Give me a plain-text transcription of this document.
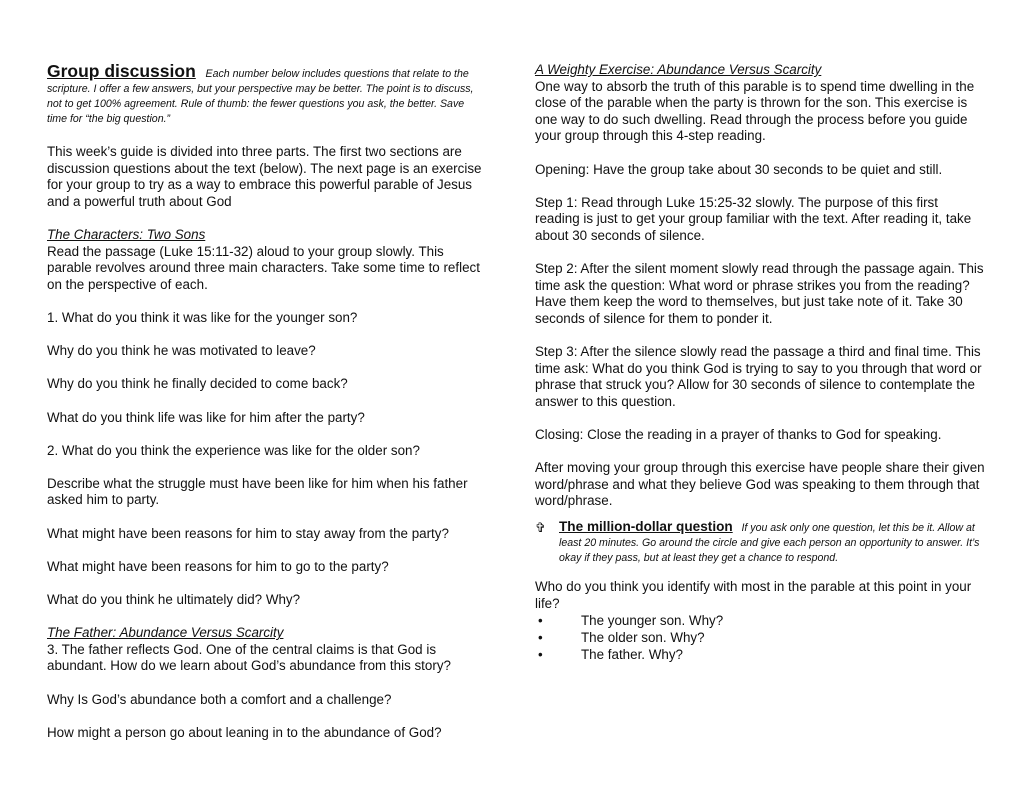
Group discussion Each number below includes questions that relate to the scripture. I offer a few answers, but your perspective may be better. The point is to discuss, not to get 100% agreement. Rule of thumb: the fewer questions you ask, the better. Save time for “the big question.”

This week’s guide is divided into three parts. The first two sections are discussion questions about the text (below). The next page is an exercise for your group to try as a way to embrace this powerful parable of Jesus and a powerful truth about God

The Characters: Two Sons

Read the passage (Luke 15:11-32) aloud to your group slowly. This parable revolves around three main characters. Take some time to reflect on the perspective of each.

1. What do you think it was like for the younger son?

Why do you think he was motivated to leave?

Why do you think he finally decided to come back?

What do you think life was like for him after the party?

2. What do you think the experience was like for the older son?

Describe what the struggle must have been like for him when his father asked him to party.

What might have been reasons for him to stay away from the party?

What might have been reasons for him to go to the party?

What do you think he ultimately did? Why?

The Father: Abundance Versus Scarcity

3. The father reflects God. One of the central claims is that God is abundant. How do we learn about God’s abundance from this story?

Why Is God’s abundance both a comfort and a challenge?

How might a person go about leaning in to the abundance of God?

A Weighty Exercise: Abundance Versus Scarcity

One way to absorb the truth of this parable is to spend time dwelling in the close of the parable when the party is thrown for the son. This exercise is one way to do such dwelling. Read through the process before you guide your group through this 4-step reading.

Opening: Have the group take about 30 seconds to be quiet and still.

Step 1: Read through Luke 15:25-32 slowly. The purpose of this first reading is just to get your group familiar with the text. After reading it, take about 30 seconds of silence.

Step 2: After the silent moment slowly read through the passage again. This time ask the question: What word or phrase strikes you from the reading? Have them keep the word to themselves, but just take note of it. Take 30 seconds of silence for them to ponder it.

Step 3: After the silence slowly read the passage a third and final time. This time ask: What do you think God is trying to say to you through that word or phrase that struck you? Allow for 30 seconds of silence to contemplate the answer to this question.

Closing: Close the reading in a prayer of thanks to God for speaking.

After moving your group through this exercise have people share their given word/phrase and what they believe God was speaking to them through that word/phrase.

✞ The million-dollar question If you ask only one question, let this be it. Allow at least 20 minutes. Go around the circle and give each person an opportunity to answer. It’s okay if they pass, but at least they get a chance to respond.

Who do you think you identify with most in the parable at this point in your life?

•	The younger son. Why?
•	The older son. Why?
•	The father. Why?
